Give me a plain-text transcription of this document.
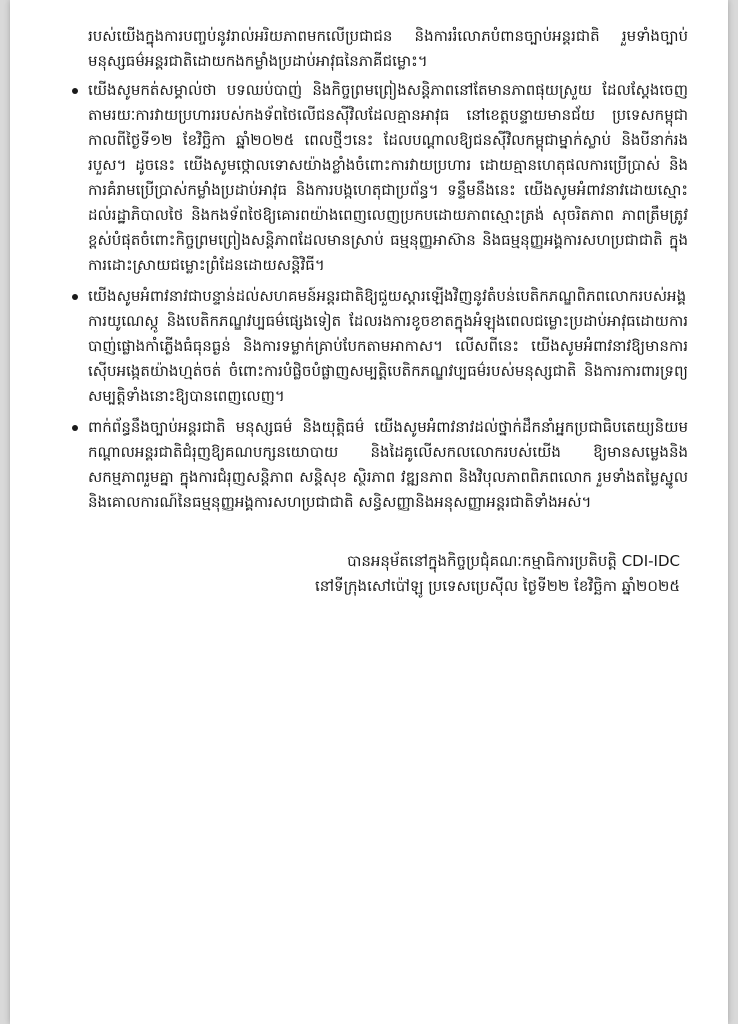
របស់យើងក្នុងការបញ្ចប់នូវរាល់អរិយភាពមកលើប្រជាជន និងការរំលោភបំពានច្បាប់អន្តរជាតិ រួមទាំងច្បាប់មនុស្សធម៌អន្តរជាតិដោយកងកម្លាំងប្រដាប់អាវុធនៃភាគីជម្លោះ។

យើងសូមកត់សម្គាល់ថា បទឈប់បាញ់ និងកិច្ចព្រមព្រៀងសន្តិភាពនៅតែមានភាពផុយស្រួយ ដែលស្តែងចេញតាមរយៈការវាយប្រហាររបស់កងទ័ពថៃលើជនស៊ីវិលដែលគ្មានអាវុធ នៅខេត្តបន្ទាយមានជ័យ ប្រទេសកម្ពុជា កាលពីថ្ងៃទី១២ ខែវិច្ឆិកា ឆ្នាំ២០២៥ ពេលថ្មីៗនេះ ដែលបណ្តាលឱ្យជនស៊ីវិលកម្ពុជាម្នាក់ស្លាប់ និងបីនាក់រងរបួស។ ដូចនេះ យើងសូមថ្កោលទោសយ៉ាងខ្លាំងចំពោះការវាយប្រហារ ដោយគ្មានហេតុផលការប្រើប្រាស់ និងការគំរាមប្រើប្រាស់កម្លាំងប្រដាប់អាវុធ និងការបង្កហេតុជាប្រព័ន្ធ។ ទន្ទឹមនឹងនេះ យើងសូមអំពាវនាវដោយស្មោះដល់រដ្ឋាភិបាលថៃ និងកងទ័ពថៃឱ្យគោរពយ៉ាងពេញលេញប្រកបដោយភាពស្មោះត្រង់ សុចរិតភាព ភាពត្រឹមត្រូវខ្ពស់បំផុតចំពោះកិច្ចព្រមព្រៀងសន្តិភាពដែលមានស្រាប់ ធម្មនុញ្ញអាស៊ាន និងធម្មនុញ្ញអង្គការសហប្រជាជាតិ ក្នុងការដោះស្រាយជម្លោះព្រំដែនដោយសន្តិវិធី។
យើងសូមអំពាវនាវជាបន្ទាន់ដល់សហគមន៍អន្តរជាតិឱ្យជួយស្តារឡើងវិញនូវតំបន់បេតិកភណ្ឌពិភពលោករបស់អង្គការយូណេស្កូ និងបេតិកភណ្ឌវប្បធម៌ផ្សេងទៀត ដែលរងការខូចខាតក្នុងអំឡុងពេលជម្លោះប្រដាប់អាវុធដោយការបាញ់ផ្លោងកាំភ្លើងធំធុនធ្ងន់ និងការទម្លាក់គ្រាប់បែកតាមអាកាស។ លើសពីនេះ យើងសូមអំពាវនាវឱ្យមានការស៊ើបអង្កេតយ៉ាងហ្មត់ចត់ ចំពោះការបំផ្លិចបំផ្លាញសម្បត្តិបេតិកភណ្ឌវប្បធម៌របស់មនុស្សជាតិ និងការការពារទ្រព្យសម្បត្តិទាំងនោះឱ្យបានពេញលេញ។
ពាក់ព័ន្ធនឹងច្បាប់អន្តរជាតិ មនុស្សធម៌ និងយុត្តិធម៌ យើងសូមអំពាវនាវដល់ថ្នាក់ដឹកនាំអ្នកប្រជាធិបតេយ្យនិយមកណ្តាលអន្តរជាតិជំរុញឱ្យគណបក្សនយោបាយ និងដៃគូលើសកលលោករបស់យើង ឱ្យមានសម្លេងនិងសកម្មភាពរួមគ្នា ក្នុងការជំរុញសន្តិភាព សន្តិសុខ ស្ថិរភាព វឌ្ឍនភាព និងវិបុលភាពពិភពលោក រួមទាំងតម្លៃស្នូល និងគោលការណ៍នៃធម្មនុញ្ញអង្គការសហប្រជាជាតិ សន្ធិសញ្ញានិងអនុសញ្ញាអន្តរជាតិទាំងអស់។
បានអនុម័តនៅក្នុងកិច្ចប្រជុំគណៈកម្មាធិការប្រតិបត្តិ CDI-IDC
នៅទីក្រុងសៅប៉ៅឡូ ប្រទេសប្រេស៊ីល ថ្ងៃទី២២ ខែវិច្ឆិកា ឆ្នាំ២០២៥
